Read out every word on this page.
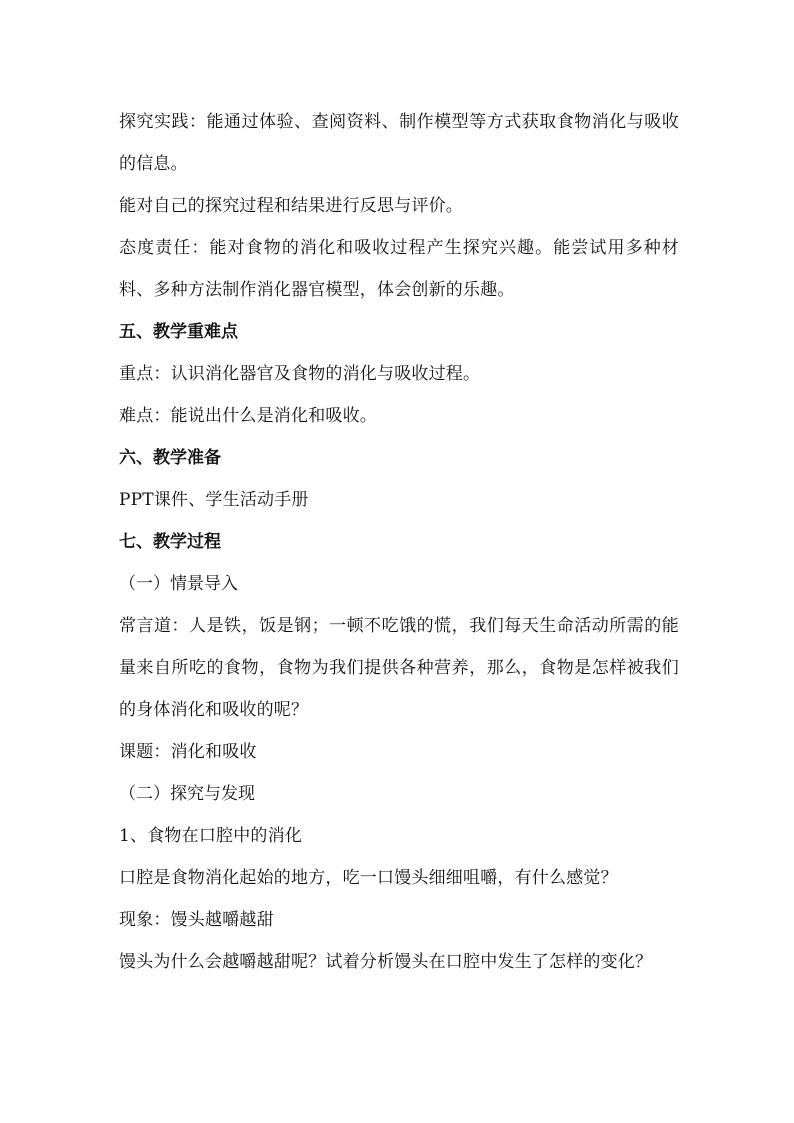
探究实践：能通过体验、查阅资料、制作模型等方式获取食物消化与吸收的信息。

能对自己的探究过程和结果进行反思与评价。

态度责任：能对食物的消化和吸收过程产生探究兴趣。能尝试用多种材料、多种方法制作消化器官模型，体会创新的乐趣。

五、教学重难点

重点：认识消化器官及食物的消化与吸收过程。

难点：能说出什么是消化和吸收。

六、教学准备

PPT课件、学生活动手册

七、教学过程

（一）情景导入

常言道：人是铁，饭是钢；一顿不吃饿的慌，我们每天生命活动所需的能量来自所吃的食物，食物为我们提供各种营养，那么，食物是怎样被我们的身体消化和吸收的呢？

课题：消化和吸收

（二）探究与发现

1、食物在口腔中的消化

口腔是食物消化起始的地方，吃一口馒头细细咀嚼，有什么感觉？

现象：馒头越嚼越甜

馒头为什么会越嚼越甜呢？试着分析馒头在口腔中发生了怎样的变化？
